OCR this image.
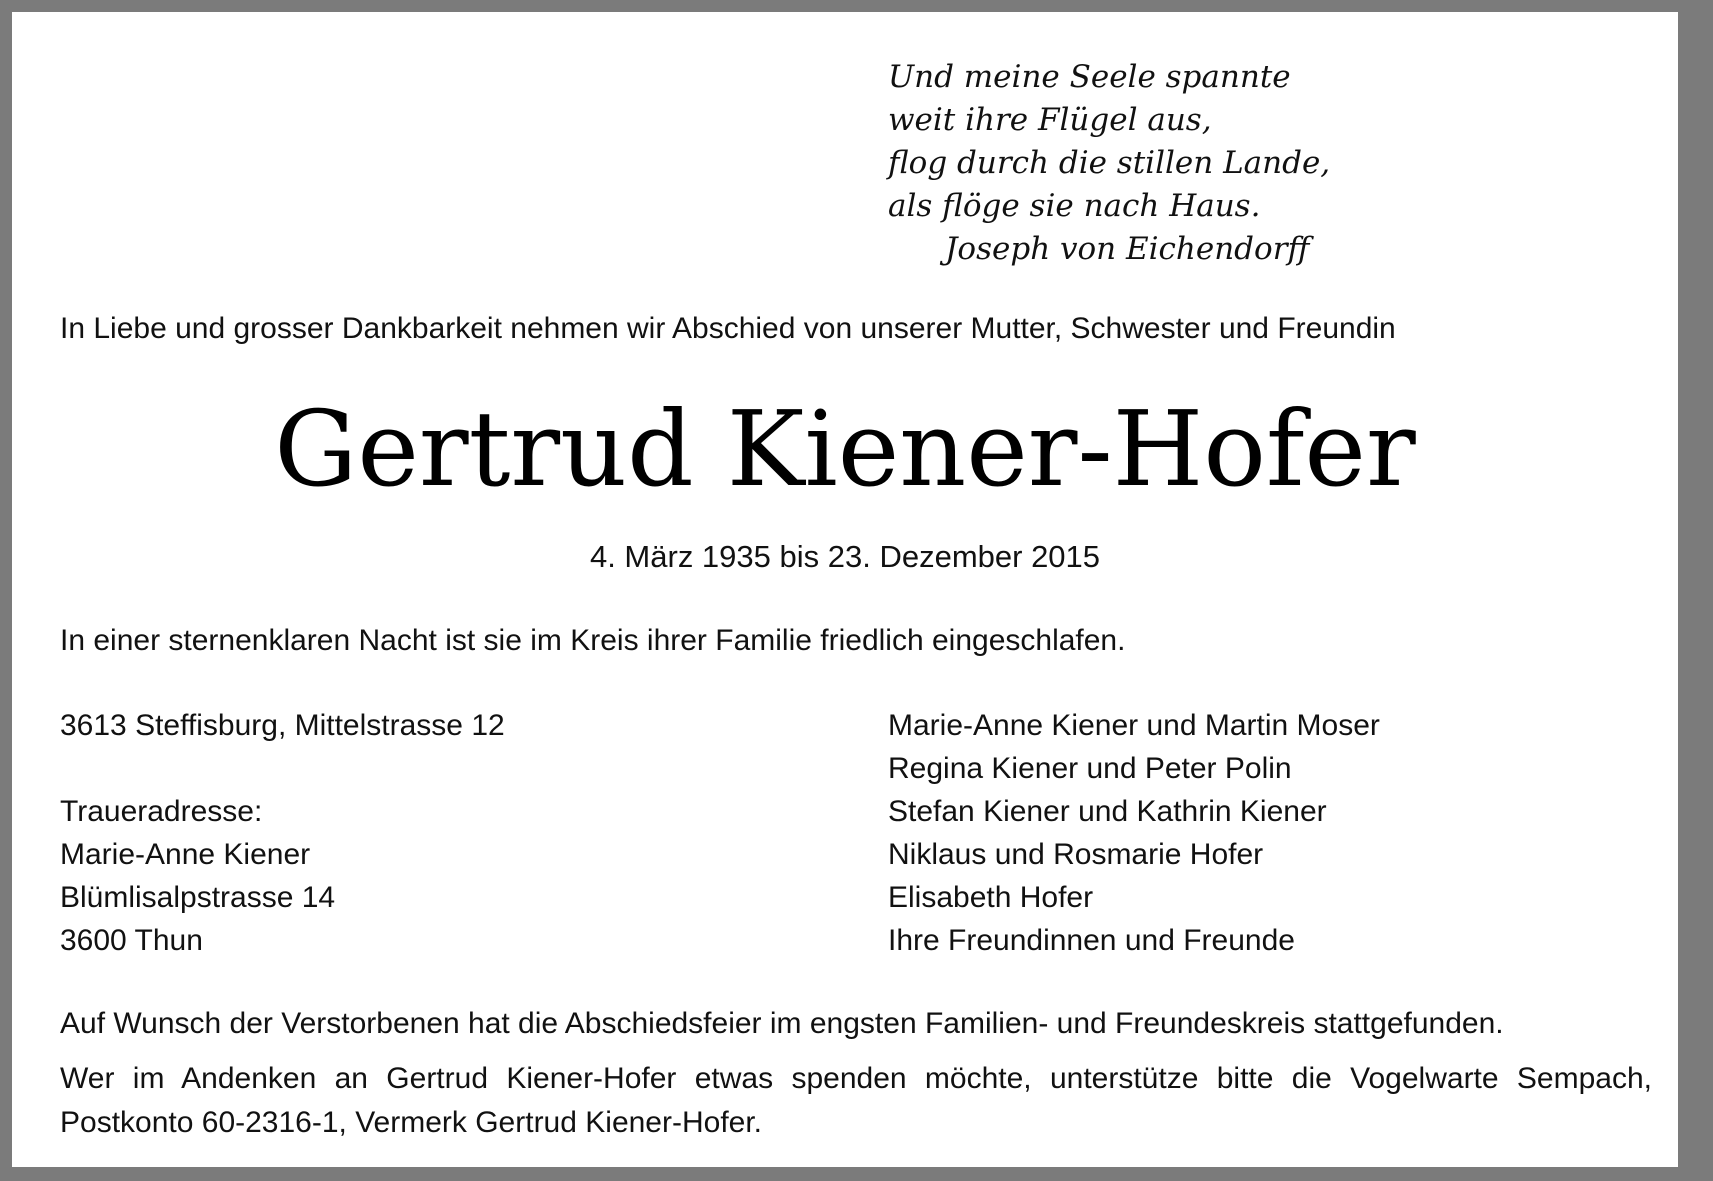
Und meine Seele spannte
weit ihre Flügel aus,
flog durch die stillen Lande,
als flöge sie nach Haus.
Joseph von Eichendorff
In Liebe und grosser Dankbarkeit nehmen wir Abschied von unserer Mutter, Schwester und Freundin
Gertrud Kiener-Hofer
4. März 1935 bis 23. Dezember 2015
In einer sternenklaren Nacht ist sie im Kreis ihrer Familie friedlich eingeschlafen.
3613 Steffisburg, Mittelstrasse 12
Traueradresse:
Marie-Anne Kiener
Blümlisalpstrasse 14
3600 Thun
Marie-Anne Kiener und Martin Moser
Regina Kiener und Peter Polin
Stefan Kiener und Kathrin Kiener
Niklaus und Rosmarie Hofer
Elisabeth Hofer
Ihre Freundinnen und Freunde
Auf Wunsch der Verstorbenen hat die Abschiedsfeier im engsten Familien- und Freundeskreis stattgefunden.
Wer im Andenken an Gertrud Kiener-Hofer etwas spenden möchte, unterstütze bitte die Vogelwarte Sempach, Postkonto 60-2316-1, Vermerk Gertrud Kiener-Hofer.
